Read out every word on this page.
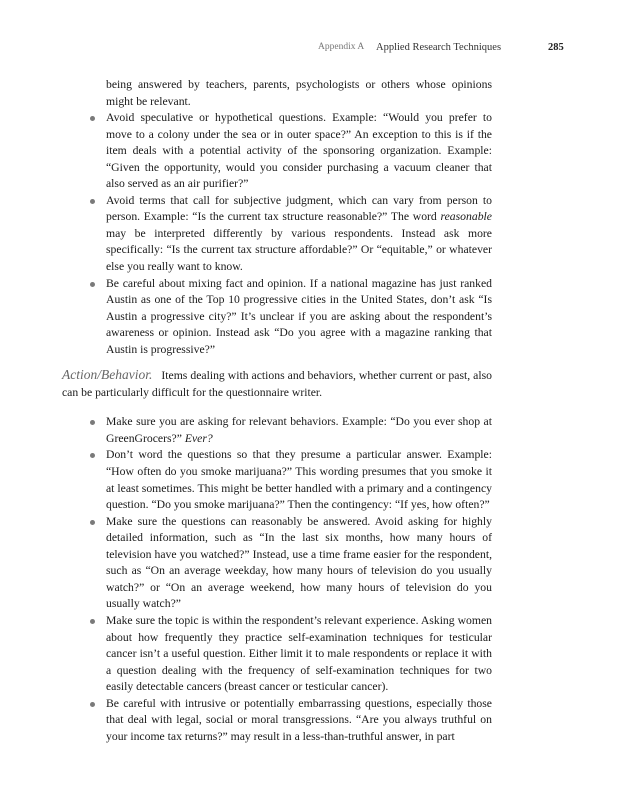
Appendix A Applied Research Techniques	285

being answered by teachers, parents, psychologists or others whose opinions might be relevant.

Avoid speculative or hypothetical questions. Example: “Would you prefer to move to a colony under the sea or in outer space?” An exception to this is if the item deals with a potential activity of the sponsoring organization. Example: “Given the opportunity, would you consider purchasing a vacuum cleaner that also served as an air purifier?”
Avoid terms that call for subjective judgment, which can vary from person to person. Example: “Is the current tax structure reasonable?” The word reasonable may be interpreted differently by various respondents. Instead ask more specifically: “Is the current tax structure affordable?” Or “equitable,” or whatever else you really want to know.
Be careful about mixing fact and opinion. If a national magazine has just ranked Austin as one of the Top 10 progressive cities in the United States, don’t ask “Is Austin a progressive city?” It’s unclear if you are asking about the respondent’s awareness or opinion. Instead ask “Do you agree with a magazine ranking that Austin is progressive?”

Action/Behavior. Items dealing with actions and behaviors, whether current or past, also can be particularly difficult for the questionnaire writer.

Make sure you are asking for relevant behaviors. Example: “Do you ever shop at GreenGrocers?” Ever?
Don’t word the questions so that they presume a particular answer. Example: “How often do you smoke marijuana?” This wording presumes that you smoke it at least sometimes. This might be better handled with a primary and a contingency question. “Do you smoke marijuana?” Then the contingency: “If yes, how often?”
Make sure the questions can reasonably be answered. Avoid asking for highly detailed information, such as “In the last six months, how many hours of television have you watched?” Instead, use a time frame easier for the respondent, such as “On an average weekday, how many hours of television do you usually watch?” or “On an average weekend, how many hours of television do you usually watch?”
Make sure the topic is within the respondent’s relevant experience. Asking women about how frequently they practice self-examination techniques for testicular cancer isn’t a useful question. Either limit it to male respondents or replace it with a question dealing with the frequency of self-examination techniques for two easily detectable cancers (breast cancer or testicular cancer).
Be careful with intrusive or potentially embarrassing questions, especially those that deal with legal, social or moral transgressions. “Are you always truthful on your income tax returns?” may result in a less-than-truthful answer, in part
